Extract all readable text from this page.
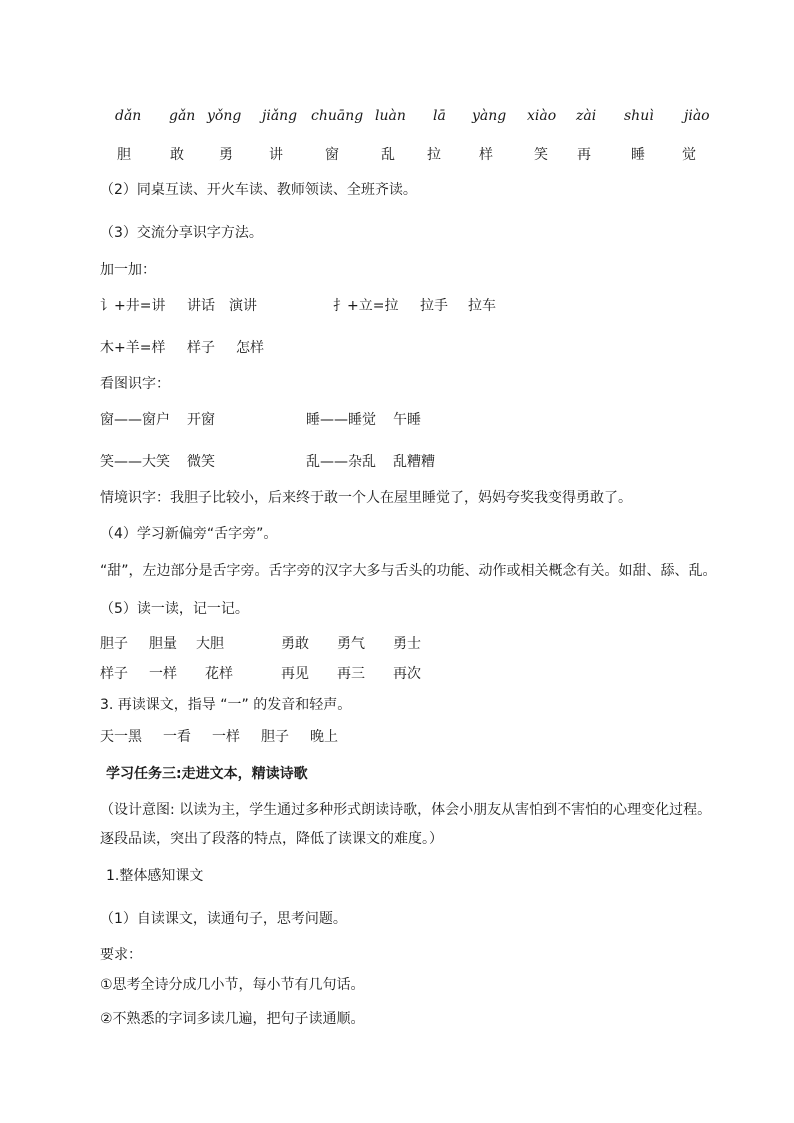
dǎn gǎn yǒng jiǎng chuāng luàn lā yàng xiào zài shuì jiào
胆	敢	勇	讲	窗	乱 拉	样	笑 再	睡	觉
（2）同桌互读、开火车读、教师领读、全班齐读。
（3）交流分享识字方法。
加一加：
讠+井=讲 讲话 演讲	扌+立=拉 拉手 拉车
木+羊=样 样子 怎样
看图识字：
窗——窗户 开窗	睡——睡觉 午睡
笑——大笑 微笑	乱——杂乱 乱糟糟
情境识字：我胆子比较小，后来终于敢一个人在屋里睡觉了，妈妈夸奖我变得勇敢了。
（4）学习新偏旁“舌字旁”。
“甜”，左边部分是舌字旁。舌字旁的汉字大多与舌头的功能、动作或相关概念有关。如甜、舔、乱。
（5）读一读，记一记。
胆子 胆量 大胆	勇敢 勇气 勇士
样子 一样 花样	再见 再三 再次
3. 再读课文，指导 “一” 的发音和轻声。
天一黑 一看 一样 胆子 晚上
学习任务三:走进文本，精读诗歌
（设计意图: 以读为主，学生通过多种形式朗读诗歌，体会小朋友从害怕到不害怕的心理变化过程。
逐段品读，突出了段落的特点，降低了读课文的难度。）
1.整体感知课文
（1）自读课文，读通句子，思考问题。
要求：
①思考全诗分成几小节，每小节有几句话。
②不熟悉的字词多读几遍，把句子读通顺。
